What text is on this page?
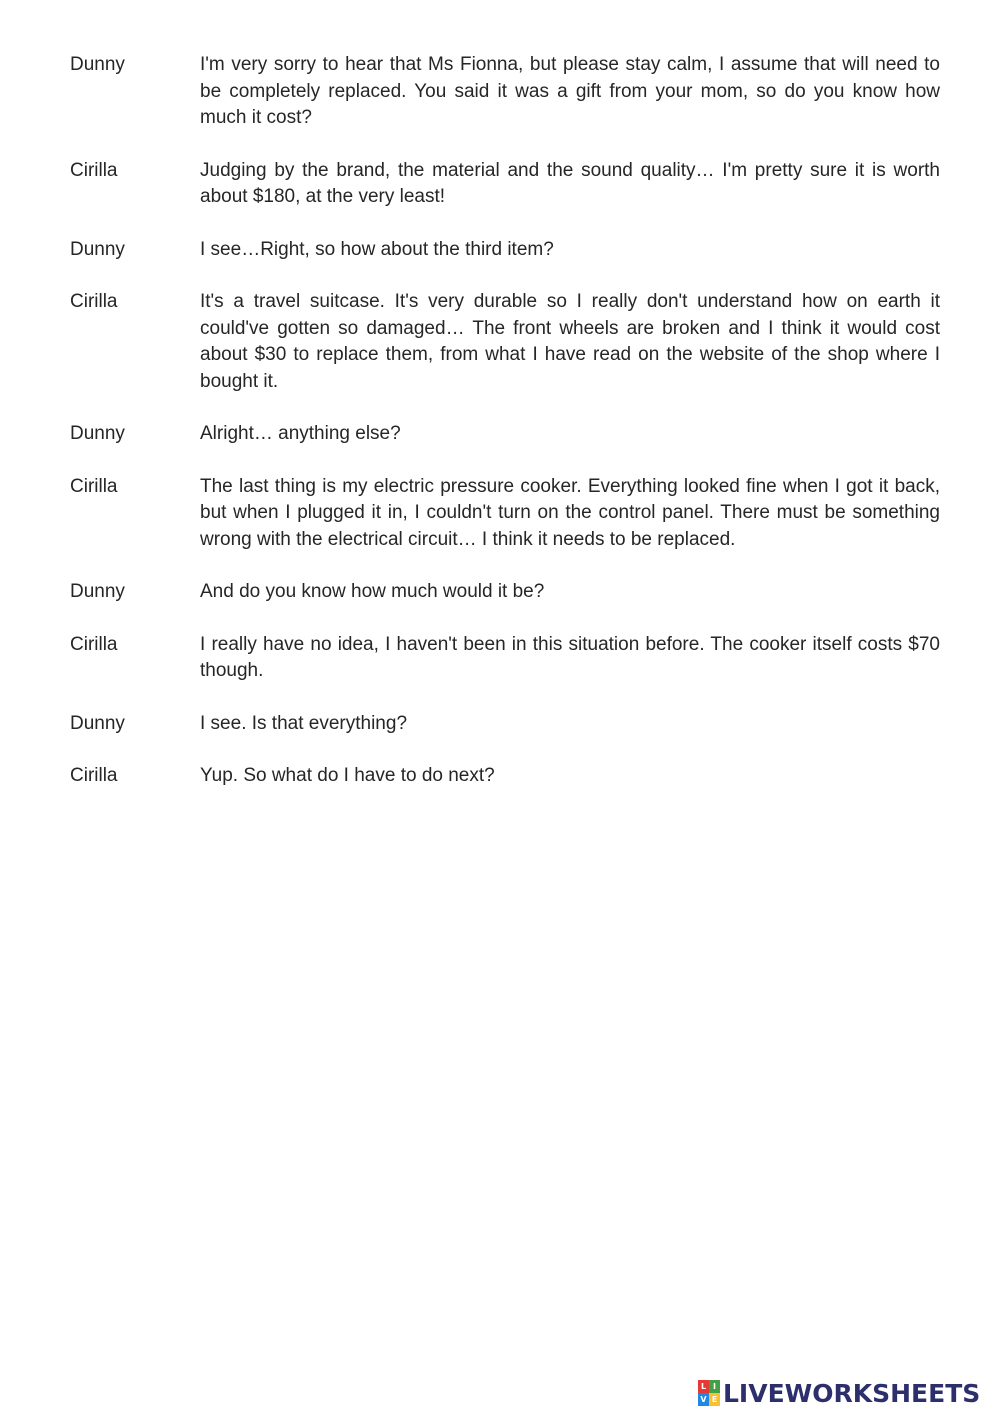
Dunny	I'm very sorry to hear that Ms Fionna, but please stay calm, I assume that will need to be completely replaced. You said it was a gift from your mom, so do you know how much it cost?
Cirilla	Judging by the brand, the material and the sound quality… I'm pretty sure it is worth about $180, at the very least!
Dunny	I see…Right, so how about the third item?
Cirilla	It's a travel suitcase. It's very durable so I really don't understand how on earth it could've gotten so damaged… The front wheels are broken and I think it would cost about $30 to replace them, from what I have read on the website of the shop where I bought it.
Dunny	Alright… anything else?
Cirilla	The last thing is my electric pressure cooker. Everything looked fine when I got it back, but when I plugged it in, I couldn't turn on the control panel. There must be something wrong with the electrical circuit… I think it needs to be replaced.
Dunny	And do you know how much would it be?
Cirilla	I really have no idea, I haven't been in this situation before. The cooker itself costs $70 though.
Dunny	I see. Is that everything?
Cirilla	Yup. So what do I have to do next?
L I
V E LIVEWORKSHEETS
